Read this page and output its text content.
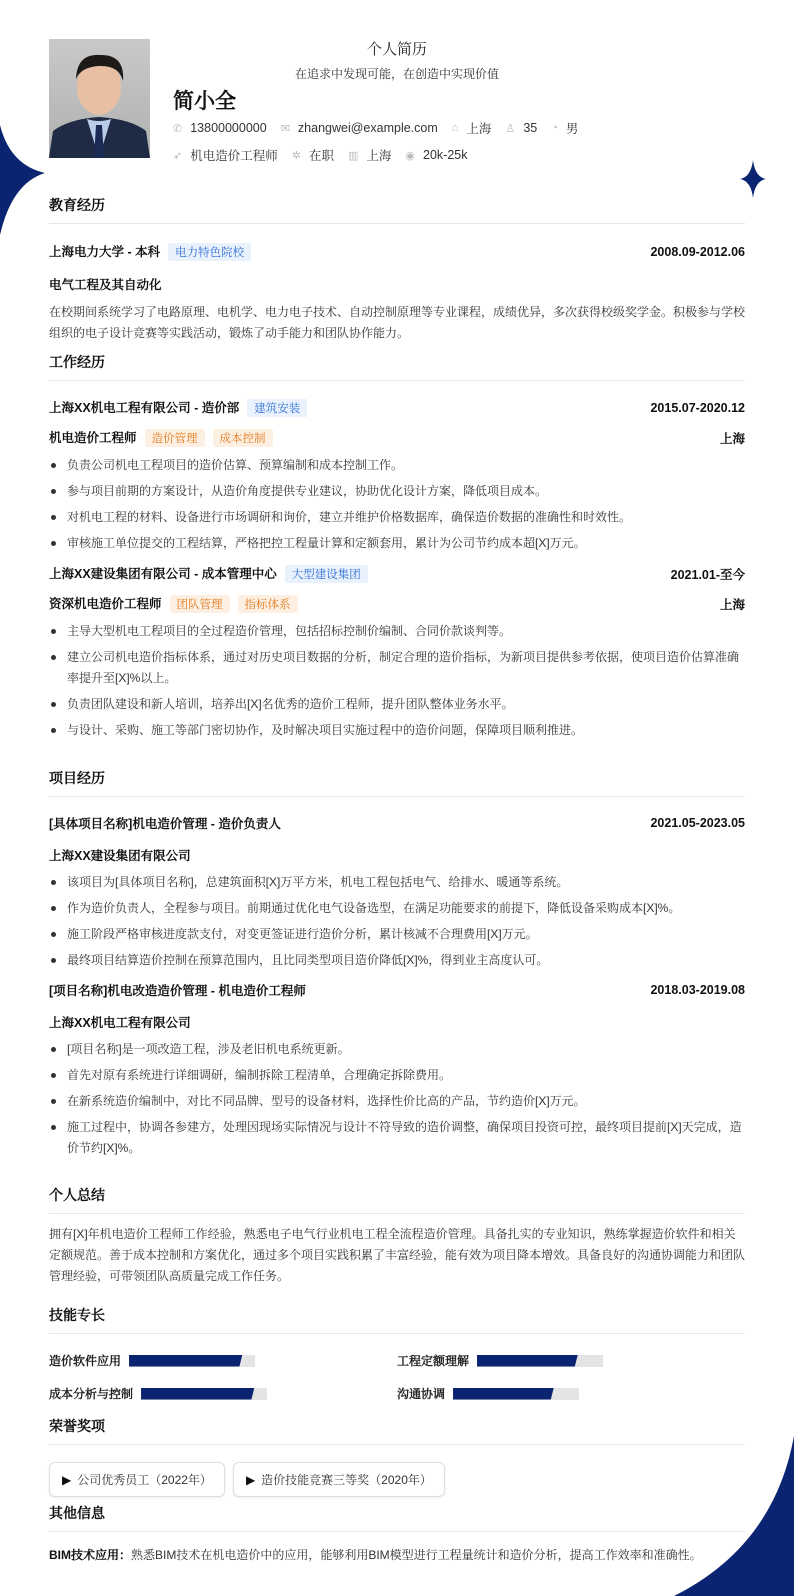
个人简历
在追求中发现可能，在创造中实现价值
简小全
✆ 13800000000 ✉ zhangwei@example.com ⌂ 上海 ♙ 35 ◔ 男
➶ 机电造价工程师 ✲ 在职 ▥ 上海 ◉ 20k-25k
教育经历
上海电力大学 - 本科 电力特色院校	2008.09-2012.06
电气工程及其自动化

在校期间系统学习了电路原理、电机学、电力电子技术、自动控制原理等专业课程，成绩优异，多次获得校级奖学金。积极参与学校组织的电子设计竞赛等实践活动，锻炼了动手能力和团队协作能力。

工作经历
上海XX机电工程有限公司 - 造价部 建筑安装	2015.07-2020.12
机电造价工程师 造价管理 成本控制	上海
负责公司机电工程项目的造价估算、预算编制和成本控制工作。
参与项目前期的方案设计，从造价角度提供专业建议，协助优化设计方案，降低项目成本。
对机电工程的材料、设备进行市场调研和询价，建立并维护价格数据库，确保造价数据的准确性和时效性。
审核施工单位提交的工程结算，严格把控工程量计算和定额套用，累计为公司节约成本超[X]万元。
上海XX建设集团有限公司 - 成本管理中心 大型建设集团	2021.01-至今
资深机电造价工程师 团队管理 指标体系	上海
主导大型机电工程项目的全过程造价管理，包括招标控制价编制、合同价款谈判等。
建立公司机电造价指标体系，通过对历史项目数据的分析，制定合理的造价指标，为新项目提供参考依据，使项目造价估算准确率提升至[X]%以上。
负责团队建设和新人培训，培养出[X]名优秀的造价工程师，提升团队整体业务水平。
与设计、采购、施工等部门密切协作，及时解决项目实施过程中的造价问题，保障项目顺利推进。
项目经历
[具体项目名称]机电造价管理 - 造价负责人	2021.05-2023.05
上海XX建设集团有限公司
该项目为[具体项目名称]，总建筑面积[X]万平方米，机电工程包括电气、给排水、暖通等系统。
作为造价负责人，全程参与项目。前期通过优化电气设备选型，在满足功能要求的前提下，降低设备采购成本[X]%。
施工阶段严格审核进度款支付，对变更签证进行造价分析，累计核减不合理费用[X]万元。
最终项目结算造价控制在预算范围内，且比同类型项目造价降低[X]%，得到业主高度认可。
[项目名称]机电改造造价管理 - 机电造价工程师	2018.03-2019.08
上海XX机电工程有限公司
[项目名称]是一项改造工程，涉及老旧机电系统更新。
首先对原有系统进行详细调研，编制拆除工程清单，合理确定拆除费用。
在新系统造价编制中，对比不同品牌、型号的设备材料，选择性价比高的产品，节约造价[X]万元。
施工过程中，协调各参建方，处理因现场实际情况与设计不符导致的造价调整，确保项目投资可控，最终项目提前[X]天完成，造价节约[X]%。
个人总结

拥有[X]年机电造价工程师工作经验，熟悉电子电气行业机电工程全流程造价管理。具备扎实的专业知识，熟练掌握造价软件和相关定额规范。善于成本控制和方案优化，通过多个项目实践积累了丰富经验，能有效为项目降本增效。具备良好的沟通协调能力和团队管理经验，可带领团队高质量完成工作任务。

技能专长
造价软件应用	工程定额理解
成本分析与控制	沟通协调
荣誉奖项
▶ 公司优秀员工（2022年）	▶ 造价技能竞赛三等奖（2020年）
其他信息

BIM技术应用：熟悉BIM技术在机电造价中的应用，能够利用BIM模型进行工程量统计和造价分析，提高工作效率和准确性。
